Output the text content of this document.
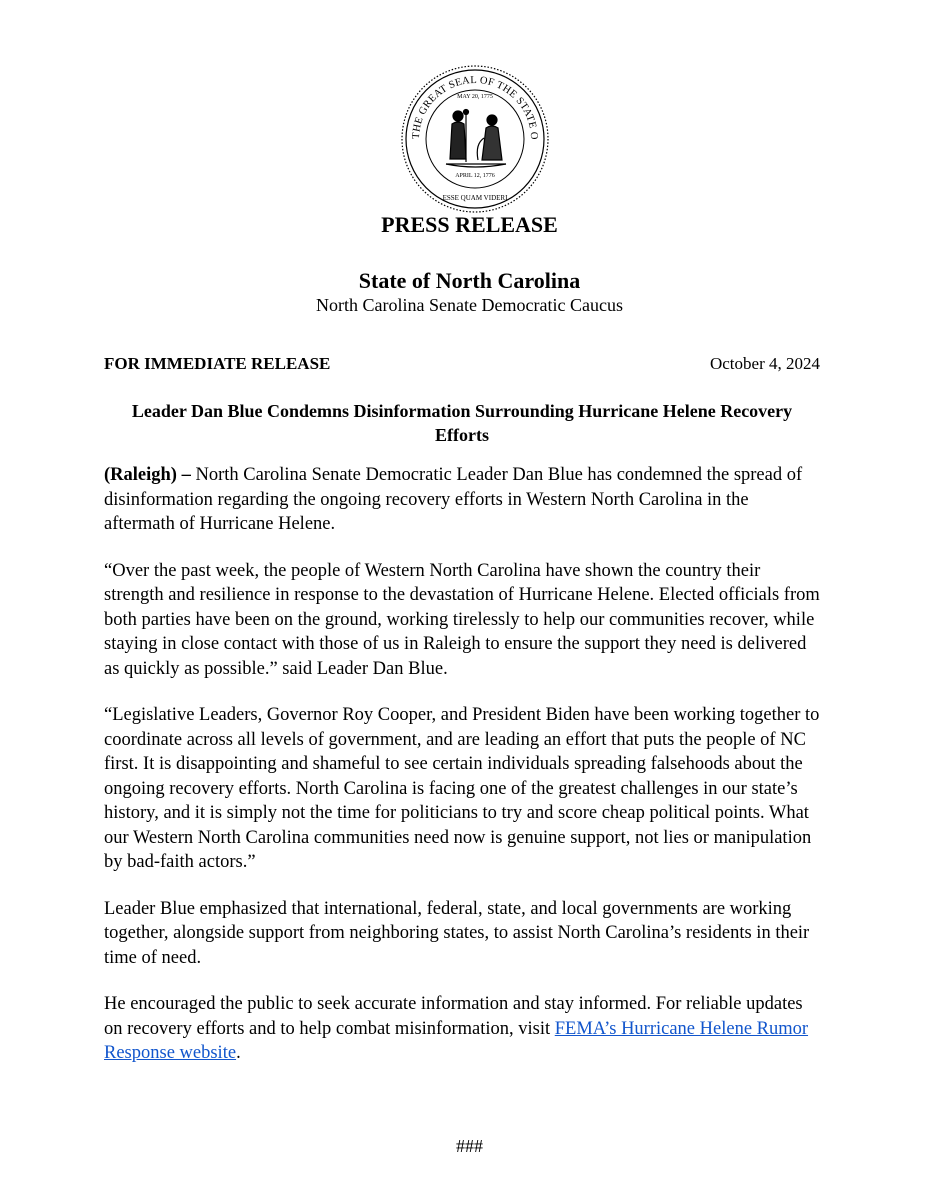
THE GREAT SEAL OF THE STATE O
MAY 20, 1775
APRIL 12, 1776
ESSE QUAM VIDERI
PRESS RELEASE
State of North Carolina
North Carolina Senate Democratic Caucus
FOR IMMEDIATE RELEASE	October 4, 2024
Leader Dan Blue Condemns Disinformation Surrounding Hurricane Helene Recovery Efforts

(Raleigh) – North Carolina Senate Democratic Leader Dan Blue has condemned the spread of disinformation regarding the ongoing recovery efforts in Western North Carolina in the aftermath of Hurricane Helene.

“Over the past week, the people of Western North Carolina have shown the country their strength and resilience in response to the devastation of Hurricane Helene. Elected officials from both parties have been on the ground, working tirelessly to help our communities recover, while staying in close contact with those of us in Raleigh to ensure the support they need is delivered as quickly as possible.” said Leader Dan Blue.

“Legislative Leaders, Governor Roy Cooper, and President Biden have been working together to coordinate across all levels of government, and are leading an effort that puts the people of NC first. It is disappointing and shameful to see certain individuals spreading falsehoods about the ongoing recovery efforts. North Carolina is facing one of the greatest challenges in our state’s history, and it is simply not the time for politicians to try and score cheap political points. What our Western North Carolina communities need now is genuine support, not lies or manipulation by bad-faith actors.”

Leader Blue emphasized that international, federal, state, and local governments are working together, alongside support from neighboring states, to assist North Carolina’s residents in their time of need.

He encouraged the public to seek accurate information and stay informed. For reliable updates on recovery efforts and to help combat misinformation, visit FEMA’s Hurricane Helene Rumor Response website.

###
